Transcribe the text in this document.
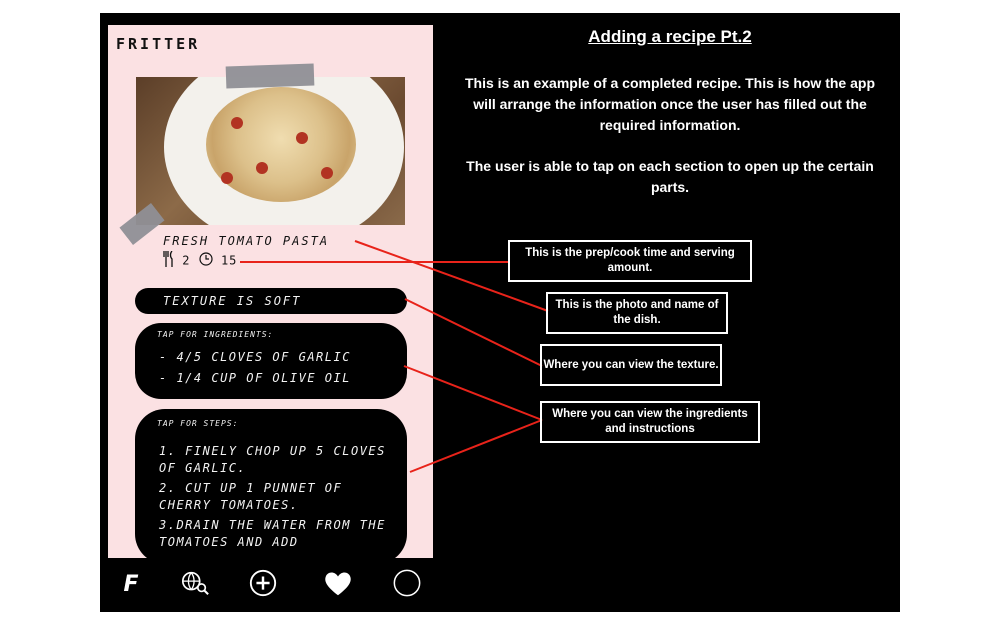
FRITTER
FRESH TOMATO PASTA
2	15
TEXTURE IS SOFT
TAP FOR INGREDIENTS:
- 4/5 CLOVES OF GARLIC
- 1/4 CUP OF OLIVE OIL
TAP FOR STEPS:
1. FINELY CHOP UP 5 CLOVES OF GARLIC.
2. CUT UP 1 PUNNET OF CHERRY TOMATOES.
3.DRAIN THE WATER FROM THE TOMATOES AND ADD
F
Adding a recipe Pt.2
This is an example of a completed recipe. This is how the app will arrange the information once the user has filled out the required information.
The user is able to tap on each section to open up the certain parts.
This is the prep/cook time and serving amount.
This is the photo and name of the dish.
Where you can view the texture.
Where you can view the ingredients and instructions
